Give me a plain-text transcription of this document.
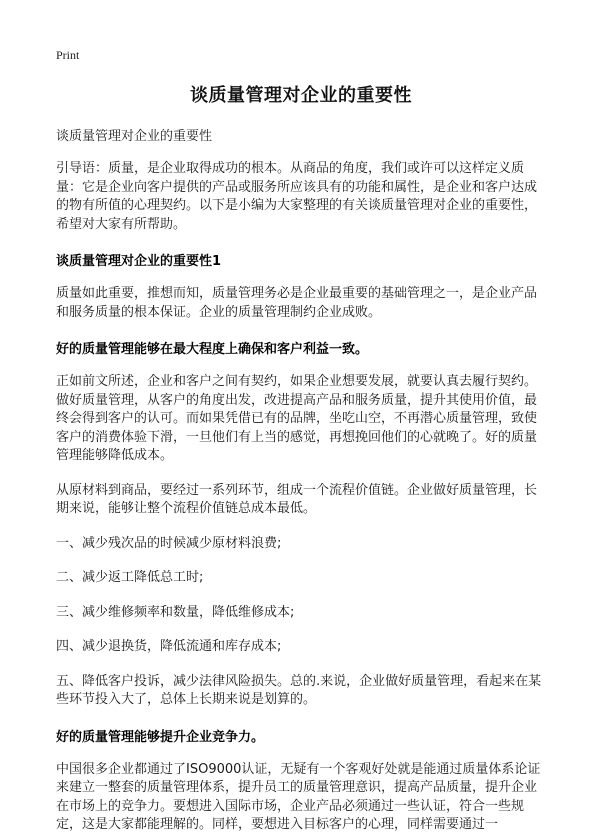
Print
谈质量管理对企业的重要性
谈质量管理对企业的重要性

引导语：质量，是企业取得成功的根本。从商品的角度，我们或许可以这样定义质量：它是企业向客户提供的产品或服务所应该具有的功能和属性，是企业和客户达成的物有所值的心理契约。以下是小编为大家整理的有关谈质量管理对企业的重要性，希望对大家有所帮助。

谈质量管理对企业的重要性1

质量如此重要，推想而知，质量管理务必是企业最重要的基础管理之一，是企业产品和服务质量的根本保证。企业的质量管理制约企业成败。

好的质量管理能够在最大程度上确保和客户利益一致。

正如前文所述，企业和客户之间有契约，如果企业想要发展，就要认真去履行契约。做好质量管理，从客户的角度出发，改进提高产品和服务质量，提升其使用价值，最终会得到客户的认可。而如果凭借已有的品牌，坐吃山空，不再潜心质量管理，致使客户的消费体验下滑，一旦他们有上当的感觉，再想挽回他们的心就晚了。好的质量管理能够降低成本。

从原材料到商品，要经过一系列环节，组成一个流程价值链。企业做好质量管理，长期来说，能够让整个流程价值链总成本最低。

一、减少残次品的时候减少原材料浪费;
二、减少返工降低总工时;
三、减少维修频率和数量，降低维修成本;
四、减少退换货，降低流通和库存成本;
五、降低客户投诉，减少法律风险损失。总的.来说，企业做好质量管理，看起来在某些环节投入大了，总体上长期来说是划算的。
好的质量管理能够提升企业竞争力。

中国很多企业都通过了ISO9000认证，无疑有一个客观好处就是能通过质量体系论证来建立一整套的质量管理体系，提升员工的质量管理意识，提高产品质量，提升企业在市场上的竞争力。要想进入国际市场，企业产品必须通过一些认证，符合一些规定，这是大家都能理解的。同样，要想进入目标客户的心理，同样需要通过一
